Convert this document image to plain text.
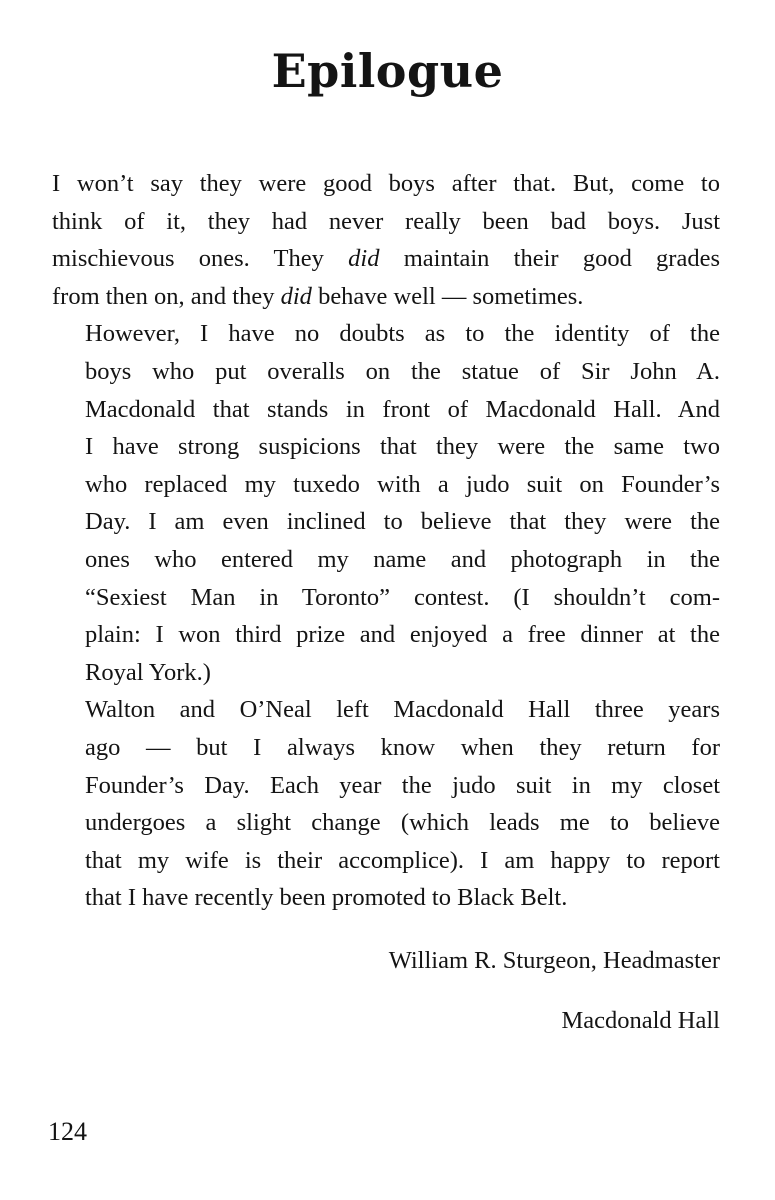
Epilogue

I won’t say they were good boys after that. But, come to
think of it, they had never really been bad boys. Just
mischievous ones. They did maintain their good grades
from then on, and they did behave well — sometimes.

However, I have no doubts as to the identity of the
boys who put overalls on the statue of Sir John A.
Macdonald that stands in front of Macdonald Hall. And
I have strong suspicions that they were the same two
who replaced my tuxedo with a judo suit on Founder’s
Day. I am even inclined to believe that they were the
ones who entered my name and photograph in the
“Sexiest Man in Toronto” contest. (I shouldn’t com-
plain: I won third prize and enjoyed a free dinner at the
Royal York.)

Walton and O’Neal left Macdonald Hall three years
ago — but I always know when they return for
Founder’s Day. Each year the judo suit in my closet
undergoes a slight change (which leads me to believe
that my wife is their accomplice). I am happy to report
that I have recently been promoted to Black Belt.

William R. Sturgeon, Headmaster
Macdonald Hall
124
